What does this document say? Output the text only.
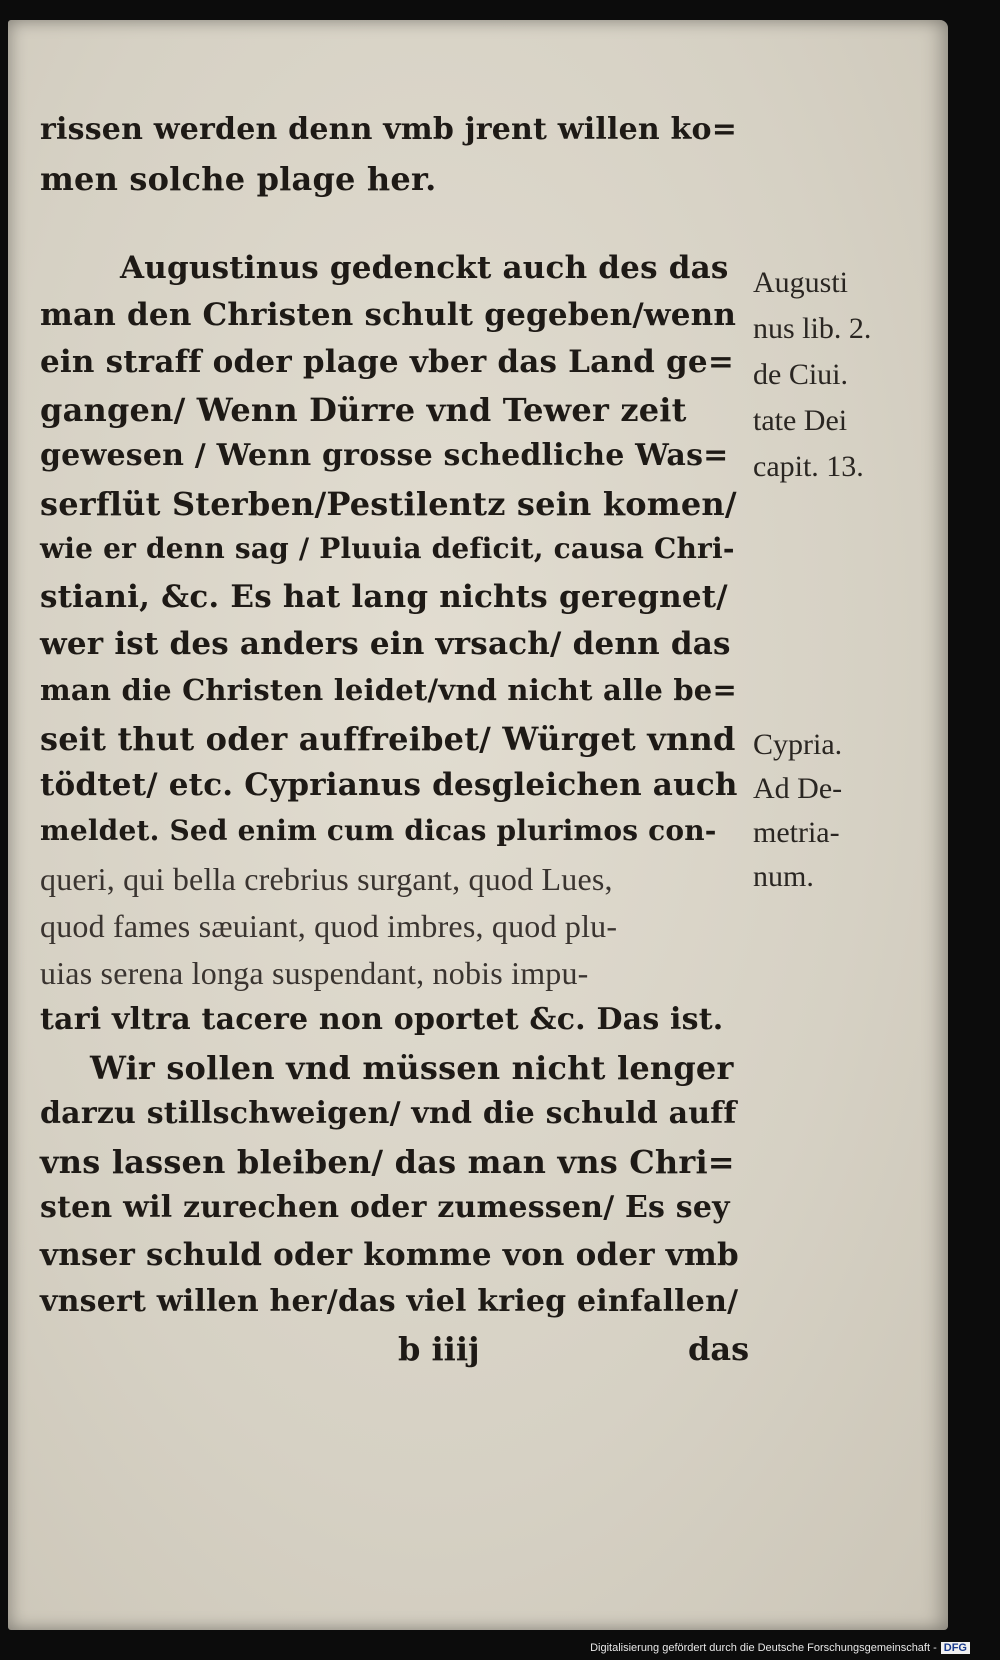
rissen werden denn vmb jrent willen ko=
men solche plage her.
Augustinus gedenckt auch des das
man den Christen schult gegeben/wenn
ein straff oder plage vber das Land ge=
gangen/ Wenn Dürre vnd Tewer zeit
gewesen / Wenn grosse schedliche Was=
serflüt Sterben/Pestilentz sein komen/
wie er denn sag / Pluuia deficit, causa Chri-
stiani, &c. Es hat lang nichts geregnet/
wer ist des anders ein vrsach/ denn das
man die Christen leidet/vnd nicht alle be=
seit thut oder auffreibet/ Würget vnnd
tödtet/ etc. Cyprianus desgleichen auch
meldet. Sed enim cum dicas plurimos con-
queri, qui bella crebrius surgant, quod Lues,
quod fames sæuiant, quod imbres, quod plu-
uias serena longa suspendant, nobis impu-
tari vltra tacere non oportet &c. Das ist.
Wir sollen vnd müssen nicht lenger
darzu stillschweigen/ vnd die schuld auff
vns lassen bleiben/ das man vns Chri=
sten wil zurechen oder zumessen/ Es sey
vnser schuld oder komme von oder vmb
vnsert willen her/das viel krieg einfallen/
Augusti
nus lib. 2.
de Ciui.
tate Dei
capit. 13.
Cypria.
Ad De-
metria-
num.
b iiij	das
Digitalisierung gefördert durch die Deutsche Forschungsgemeinschaft - DFG
